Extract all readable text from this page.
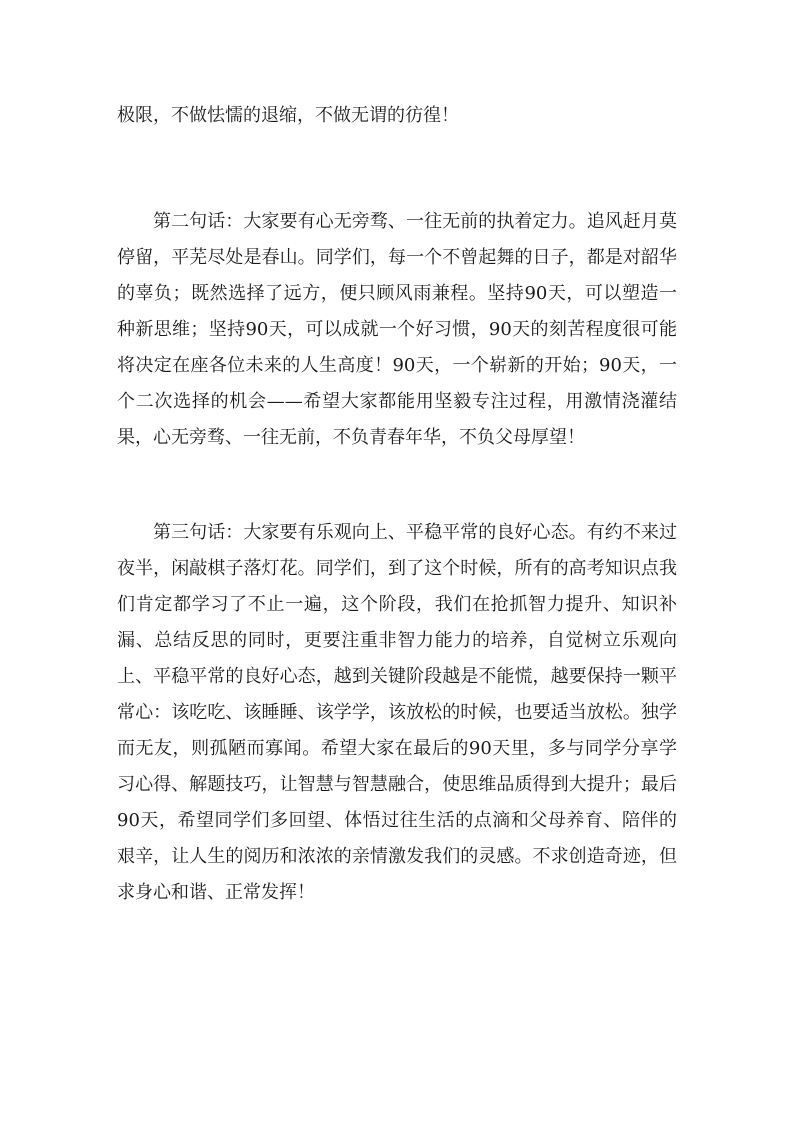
极限，不做怯懦的退缩，不做无谓的彷徨！

第二句话：大家要有心无旁骛、一往无前的执着定力。追风赶月莫停留，平芜尽处是春山。同学们，每一个不曾起舞的日子，都是对韶华的辜负；既然选择了远方，便只顾风雨兼程。坚持90天，可以塑造一种新思维；坚持90天，可以成就一个好习惯，90天的刻苦程度很可能将决定在座各位未来的人生高度！90天，一个崭新的开始；90天，一个二次选择的机会——希望大家都能用坚毅专注过程，用激情浇灌结果，心无旁骛、一往无前，不负青春年华，不负父母厚望！

第三句话：大家要有乐观向上、平稳平常的良好心态。有约不来过夜半，闲敲棋子落灯花。同学们，到了这个时候，所有的高考知识点我们肯定都学习了不止一遍，这个阶段，我们在抢抓智力提升、知识补漏、总结反思的同时，更要注重非智力能力的培养，自觉树立乐观向上、平稳平常的良好心态，越到关键阶段越是不能慌，越要保持一颗平常心：该吃吃、该睡睡、该学学，该放松的时候，也要适当放松。独学而无友，则孤陋而寡闻。希望大家在最后的90天里，多与同学分享学习心得、解题技巧，让智慧与智慧融合，使思维品质得到大提升；最后90天，希望同学们多回望、体悟过往生活的点滴和父母养育、陪伴的艰辛，让人生的阅历和浓浓的亲情激发我们的灵感。不求创造奇迹，但求身心和谐、正常发挥！
